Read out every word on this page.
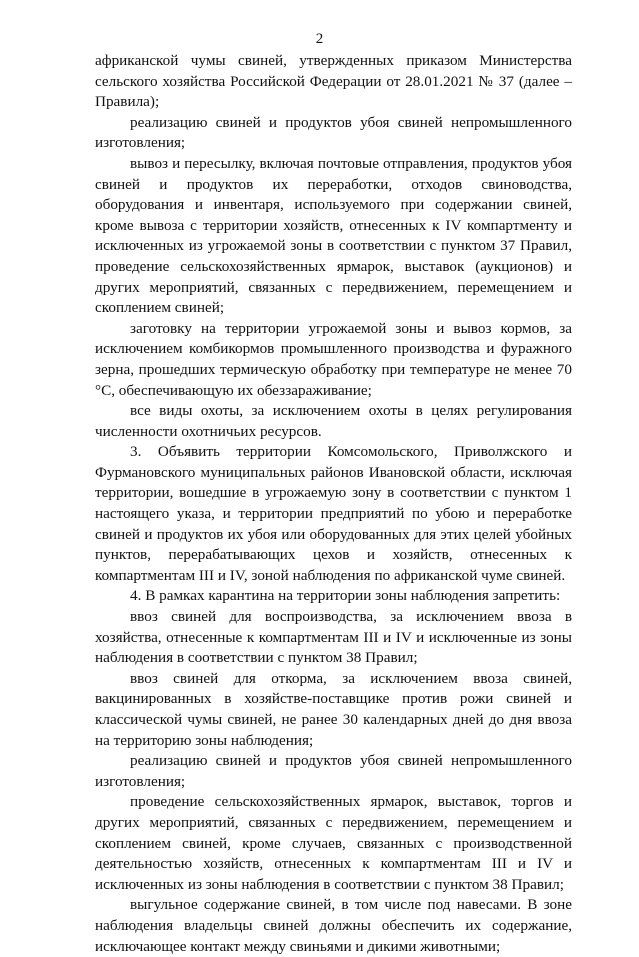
2

африканской чумы свиней, утвержденных приказом Министерства сельского хозяйства Российской Федерации от 28.01.2021 № 37 (далее – Правила);

реализацию свиней и продуктов убоя свиней непромышленного изготовления;

вывоз и пересылку, включая почтовые отправления, продуктов убоя свиней и продуктов их переработки, отходов свиноводства, оборудования и инвентаря, используемого при содержании свиней, кроме вывоза с территории хозяйств, отнесенных к IV компартменту и исключенных из угрожаемой зоны в соответствии с пунктом 37 Правил, проведение сельскохозяйственных ярмарок, выставок (аукционов) и других мероприятий, связанных с передвижением, перемещением и скоплением свиней;

заготовку на территории угрожаемой зоны и вывоз кормов, за исключением комбикормов промышленного производства и фуражного зерна, прошедших термическую обработку при температуре не менее 70 °C, обеспечивающую их обеззараживание;

все виды охоты, за исключением охоты в целях регулирования численности охотничьих ресурсов.

3. Объявить территории Комсомольского, Приволжского и Фурмановского муниципальных районов Ивановской области, исключая территории, вошедшие в угрожаемую зону в соответствии с пунктом 1 настоящего указа, и территории предприятий по убою и переработке свиней и продуктов их убоя или оборудованных для этих целей убойных пунктов, перерабатывающих цехов и хозяйств, отнесенных к компартментам III и IV, зоной наблюдения по африканской чуме свиней.

4. В рамках карантина на территории зоны наблюдения запретить:

ввоз свиней для воспроизводства, за исключением ввоза в хозяйства, отнесенные к компартментам III и IV и исключенные из зоны наблюдения в соответствии с пунктом 38 Правил;

ввоз свиней для откорма, за исключением ввоза свиней, вакцинированных в хозяйстве-поставщике против рожи свиней и классической чумы свиней, не ранее 30 календарных дней до дня ввоза на территорию зоны наблюдения;

реализацию свиней и продуктов убоя свиней непромышленного изготовления;

проведение сельскохозяйственных ярмарок, выставок, торгов и других мероприятий, связанных с передвижением, перемещением и скоплением свиней, кроме случаев, связанных с производственной деятельностью хозяйств, отнесенных к компартментам III и IV и исключенных из зоны наблюдения в соответствии с пунктом 38 Правил;

выгульное содержание свиней, в том числе под навесами. В зоне наблюдения владельцы свиней должны обеспечить их содержание, исключающее контакт между свиньями и дикими животными;
